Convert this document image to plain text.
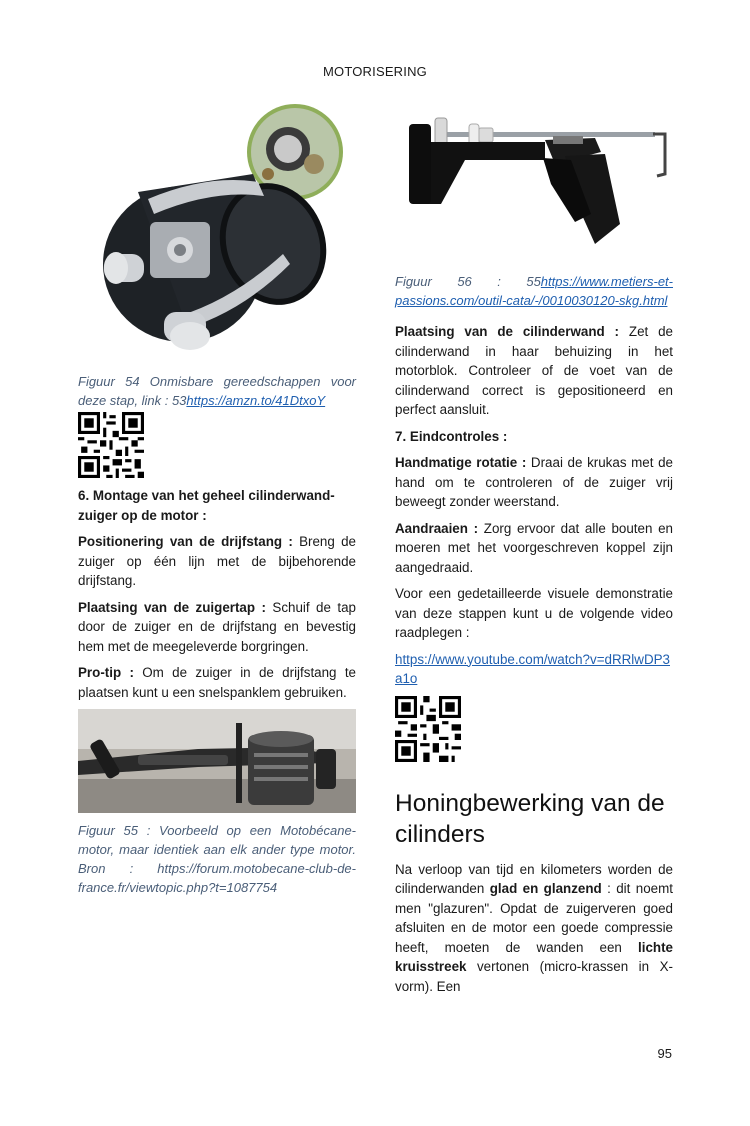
MOTORISERING

Figuur 54 Onmisbare gereedschappen voor deze stap, link : 53https://amzn.to/41DtxoY

6. Montage van het geheel cilinderwand-zuiger op de motor :

Positionering van de drijfstang : Breng de zuiger op één lijn met de bijbehorende drijfstang.

Plaatsing van de zuigertap : Schuif de tap door de zuiger en de drijfstang en bevestig hem met de meegeleverde borgringen.

Pro-tip : Om de zuiger in de drijfstang te plaatsen kunt u een snelspanklem gebruiken.

Figuur 55 : Voorbeeld op een Motobécane-motor, maar identiek aan elk ander type motor. Bron : https://forum.motobecane-club-de-france.fr/viewtopic.php?t=1087754

Figuur 56 : 55https://www.metiers-et-passions.com/outil-cata/-/0010030120-skg.html

Plaatsing van de cilinderwand : Zet de cilinderwand in haar behuizing in het motorblok. Controleer of de voet van de cilinderwand correct is gepositioneerd en perfect aansluit.

7. Eindcontroles :

Handmatige rotatie : Draai de krukas met de hand om te controleren of de zuiger vrij beweegt zonder weerstand.

Aandraaien : Zorg ervoor dat alle bouten en moeren met het voorgeschreven koppel zijn aangedraaid.

Voor een gedetailleerde visuele demonstratie van deze stappen kunt u de volgende video raadplegen :

https://www.youtube.com/watch?v=dRRlwDP3a1o

Honingbewerking van de cilinders

Na verloop van tijd en kilometers worden de cilinderwanden glad en glanzend : dit noemt men "glazuren". Opdat de zuigerveren goed afsluiten en de motor een goede compressie heeft, moeten de wanden een lichte kruisstreek vertonen (micro-krassen in X-vorm). Een

95
